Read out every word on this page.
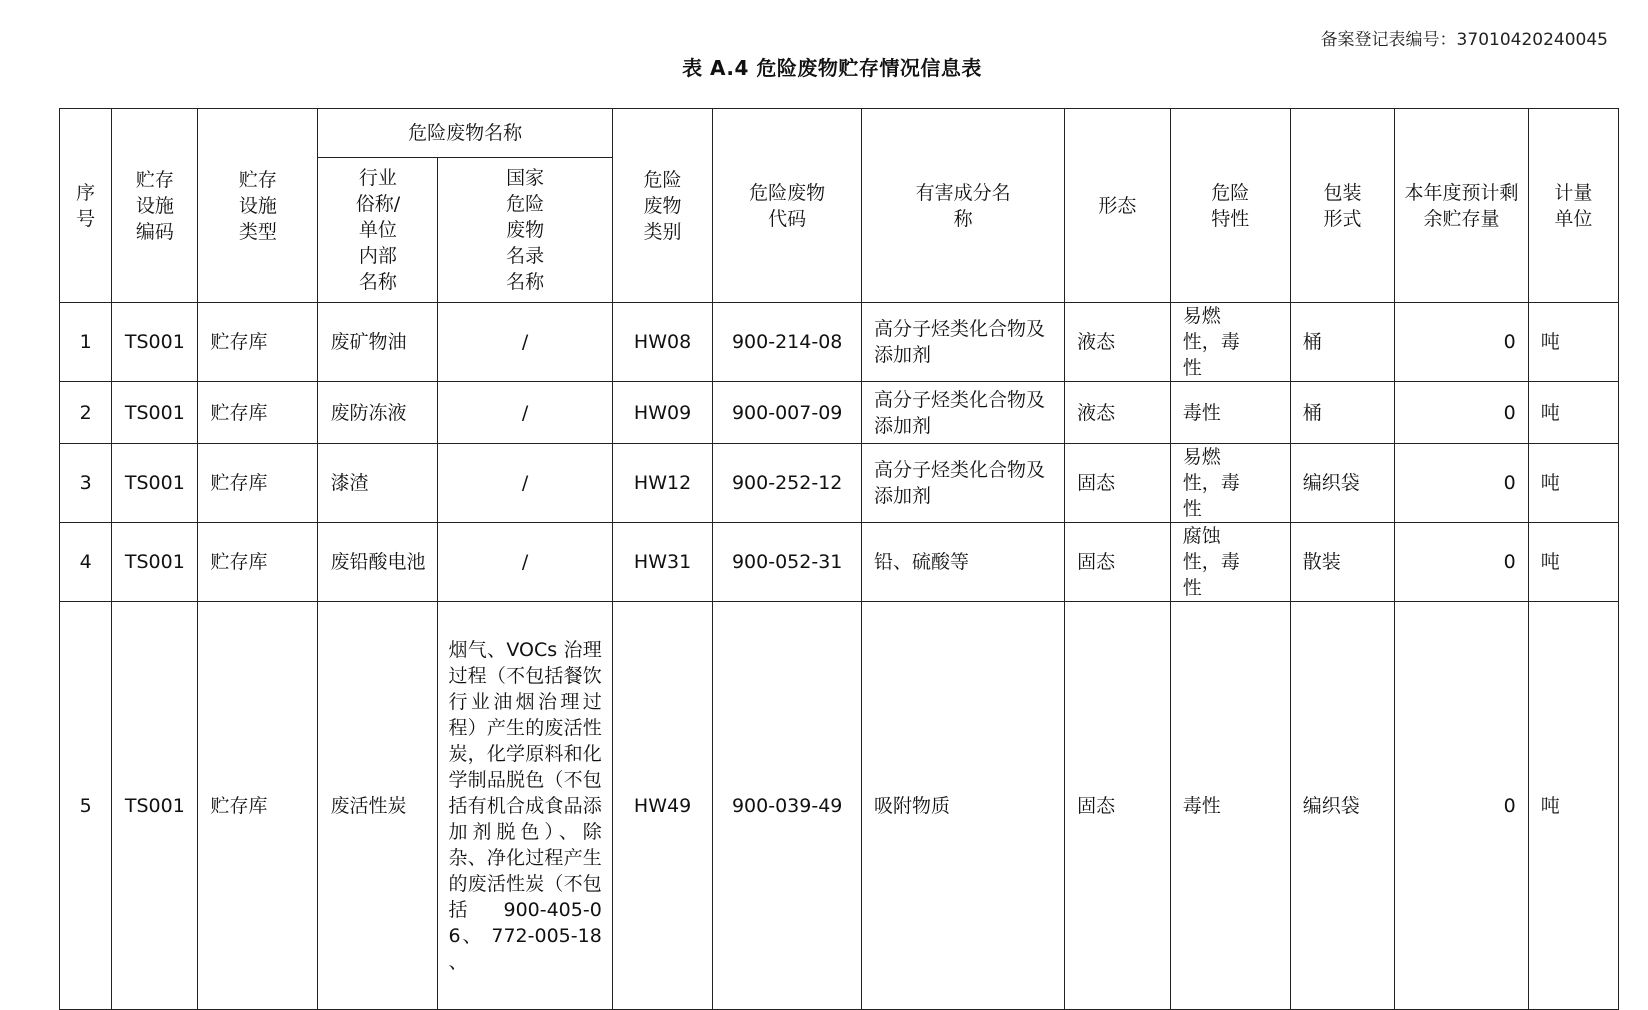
备案登记表编号：37010420240045
表 A.4 危险废物贮存情况信息表
序号	贮存设施编码	贮存设施类型	危险废物名称		危险废物类别	危险废物代码	有害成分名称	形态	危险特性	包装形式	本年度预计剩余贮存量	计量单位
			行业俗称/单位内部名称	国家危险废物名录名称								
1	TS001	贮存库	废矿物油	/	HW08	900-214-08	高分子烃类化合物及添加剂	液态	易燃性，毒性	桶	0	吨
2	TS001	贮存库	废防冻液	/	HW09	900-007-09	高分子烃类化合物及添加剂	液态	毒性	桶	0	吨
3	TS001	贮存库	漆渣	/	HW12	900-252-12	高分子烃类化合物及添加剂	固态	易燃性，毒性	编织袋	0	吨
4	TS001	贮存库	废铅酸电池	/	HW31	900-052-31	铅、硫酸等	固态	腐蚀性，毒性	散装	0	吨
5	TS001	贮存库	废活性炭	烟气、VOCs 治理过程（不包括餐饮行业油烟治理过程）产生的废活性炭，化学原料和化学制品脱色（不包括有机合成食品添加剂脱色）、除杂、净化过程产生的废活性炭（不包括 900-405-06、 772-005-18 、	HW49	900-039-49	吸附物质	固态	毒性	编织袋	0	吨
